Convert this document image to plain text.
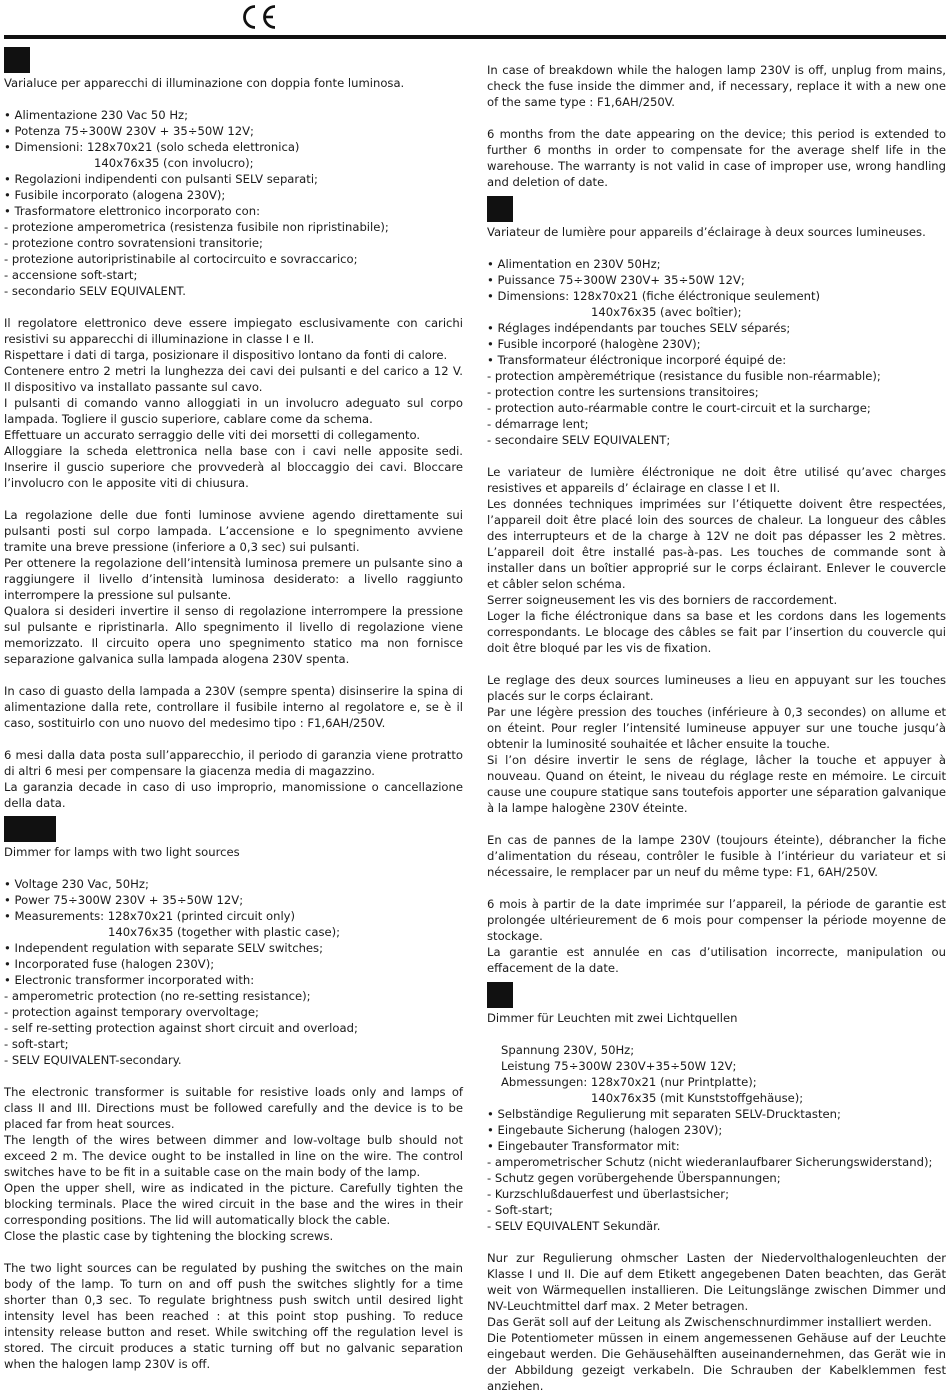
Varialuce per apparecchi di illuminazione con doppia fonte luminosa.

• Alimentazione 230 Vac 50 Hz;

• Potenza 75÷300W 230V + 35÷50W 12V;

• Dimensioni: 128x70x21 (solo scheda elettronica)

140x76x35 (con involucro);

• Regolazioni indipendenti con pulsanti SELV separati;

• Fusibile incorporato (alogena 230V);

• Trasformatore elettronico incorporato con:

- protezione amperometrica (resistenza fusibile non ripristinabile);

- protezione contro sovratensioni transitorie;

- protezione autoripristinabile al cortocircuito e sovraccarico;

- accensione soft-start;

- secondario SELV EQUIVALENT.

Il regolatore elettronico deve essere impiegato esclusivamente con carichi resistivi su apparecchi di illuminazione in classe I e II.

Rispettare i dati di targa, posizionare il dispositivo lontano da fonti di calore.

Contenere entro 2 metri la lunghezza dei cavi dei pulsanti e del carico a 12 V. Il dispositivo va installato passante sul cavo.

I pulsanti di comando vanno alloggiati in un involucro adeguato sul corpo lampada. Togliere il guscio superiore, cablare come da schema.

Effettuare un accurato serraggio delle viti dei morsetti di collegamento.

Alloggiare la scheda elettronica nella base con i cavi nelle apposite sedi. Inserire il guscio superiore che provvederà al bloccaggio dei cavi. Bloccare l’involucro con le apposite viti di chiusura.

La regolazione delle due fonti luminose avviene agendo direttamente sui pulsanti posti sul corpo lampada. L’accensione e lo spegnimento avviene tramite una breve pressione (inferiore a 0,3 sec) sui pulsanti.

Per ottenere la regolazione dell’intensità luminosa premere un pulsante sino a raggiungere il livello d’intensità luminosa desiderato: a livello raggiunto interrompere la pressione sul pulsante.

Qualora si desideri invertire il senso di regolazione interrompere la pressione sul pulsante e ripristinarla. Allo spegnimento il livello di regolazione viene memorizzato. Il circuito opera uno spegnimento statico ma non fornisce separazione galvanica sulla lampada alogena 230V spenta.

In caso di guasto della lampada a 230V (sempre spenta) disinserire la spina di alimentazione dalla rete, controllare il fusibile interno al regolatore e, se è il caso, sostituirlo con uno nuovo del medesimo tipo : F1,6AH/250V.

6 mesi dalla data posta sull’apparecchio, il periodo di garanzia viene protratto di altri 6 mesi per compensare la giacenza media di magazzino.

La garanzia decade in caso di uso improprio, manomissione o cancellazione della data.

Dimmer for lamps with two light sources

• Voltage 230 Vac, 50Hz;

• Power 75÷300W 230V + 35÷50W 12V;

• Measurements: 128x70x21 (printed circuit only)

140x76x35 (together with plastic case);

• Independent regulation with separate SELV switches;

• Incorporated fuse (halogen 230V);

• Electronic transformer incorporated with:

- amperometric protection (no re-setting resistance);

- protection against temporary overvoltage;

- self re-setting protection against short circuit and overload;

- soft-start;

- SELV EQUIVALENT-secondary.

The electronic transformer is suitable for resistive loads only and lamps of class II and III. Directions must be followed carefully and the device is to be placed far from heat sources.

The length of the wires between dimmer and low-voltage bulb should not exceed 2 m. The device ought to be installed in line on the wire. The control switches have to be fit in a suitable case on the main body of the lamp.

Open the upper shell, wire as indicated in the picture. Carefully tighten the blocking terminals. Place the wired circuit in the base and the wires in their corresponding positions. The lid will automatically block the cable.

Close the plastic case by tightening the blocking screws.

The two light sources can be regulated by pushing the switches on the main body of the lamp. To turn on and off push the switches slightly for a time shorter than 0,3 sec. To regulate brightness push switch until desired light intensity level has been reached : at this point stop pushing. To reduce intensity release button and reset. While switching off the regulation level is stored. The circuit produces a static turning off but no galvanic separation when the halogen lamp 230V is off.

In case of breakdown while the halogen lamp 230V is off, unplug from mains, check the fuse inside the dimmer and, if necessary, replace it with a new one of the same type : F1,6AH/250V.

6 months from the date appearing on the device; this period is extended to further 6 months in order to compensate for the average shelf life in the warehouse. The warranty is not valid in case of improper use, wrong handling and deletion of date.

Variateur de lumière pour appareils d’éclairage à deux sources lumineuses.

• Alimentation en 230V 50Hz;

• Puissance 75÷300W 230V+ 35÷50W 12V;

• Dimensions: 128x70x21 (fiche éléctronique seulement)

140x76x35 (avec boîtier);

• Réglages indépendants par touches SELV séparés;

• Fusible incorporé (halogène 230V);

• Transformateur éléctronique incorporé équipé de:

- protection ampèremétrique (resistance du fusible non-réarmable);

- protection contre les surtensions transitoires;

- protection auto-réarmable contre le court-circuit et la surcharge;

- démarrage lent;

- secondaire SELV EQUIVALENT;

Le variateur de lumière éléctronique ne doit être utilisé qu’avec charges resistives et appareils d’ éclairage en classe I et II.

Les données techniques imprimées sur l’étiquette doivent être respectées, l’appareil doit être placé loin des sources de chaleur. La longueur des câbles des interrupteurs et de la charge à 12V ne doit pas dépasser les 2 mètres. L’appareil doit être installé pas-à-pas. Les touches de commande sont à installer dans un boîtier approprié sur le corps éclairant. Enlever le couvercle et câbler selon schéma.

Serrer soigneusement les vis des borniers de raccordement.

Loger la fiche éléctronique dans sa base et les cordons dans les logements correspondants. Le blocage des câbles se fait par l’insertion du couvercle qui doit être bloqué par les vis de fixation.

Le reglage des deux sources lumineuses a lieu en appuyant sur les touches placés sur le corps éclairant.

Par une légère pression des touches (inférieure à 0,3 secondes) on allume et on éteint. Pour regler l’intensité lumineuse appuyer sur une touche jusqu’à obtenir la luminosité souhaitée et lâcher ensuite la touche.

Si l’on désire invertir le sens de réglage, lâcher la touche et appuyer à nouveau. Quand on éteint, le niveau du réglage reste en mémoire. Le circuit cause une coupure statique sans toutefois apporter une séparation galvanique à la lampe halogène 230V éteinte.

En cas de pannes de la lampe 230V (toujours éteinte), débrancher la fiche d’alimentation du réseau, contrôler le fusible à l’intérieur du variateur et si nécessaire, le remplacer par un neuf du même type: F1, 6AH/250V.

6 mois à partir de la date imprimée sur l’appareil, la période de garantie est prolongée ultérieurement de 6 mois pour compenser la période moyenne de stockage.

La garantie est annulée en cas d’utilisation incorrecte, manipulation ou effacement de la date.

Dimmer für Leuchten mit zwei Lichtquellen

Spannung 230V, 50Hz;

Leistung 75÷300W 230V+35÷50W 12V;

Abmessungen: 128x70x21 (nur Printplatte);

140x76x35 (mit Kunststoffgehäuse);

• Selbständige Regulierung mit separaten SELV-Drucktasten;

• Eingebaute Sicherung (halogen 230V);

• Eingebauter Transformator mit:

- amperometrischer Schutz (nicht wiederanlaufbarer Sicherungswiderstand);

- Schutz gegen vorübergehende Überspannungen;

- Kurzschlußdauerfest und überlastsicher;

- Soft-start;

- SELV EQUIVALENT Sekundär.

Nur zur Regulierung ohmscher Lasten der Niedervolthalogenleuchten der Klasse I und II. Die auf dem Etikett angegebenen Daten beachten, das Gerät weit von Wärmequellen installieren. Die Leitungslänge zwischen Dimmer und NV-Leuchtmittel darf max. 2 Meter betragen.

Das Gerät soll auf der Leitung als Zwischenschnurdimmer installiert werden.

Die Potentiometer müssen in einem angemessenen Gehäuse auf der Leuchte eingebaut werden. Die Gehäusehälften auseinandernehmen, das Gerät wie in der Abbildung gezeigt verkabeln. Die Schrauben der Kabelklemmen fest anziehen.
